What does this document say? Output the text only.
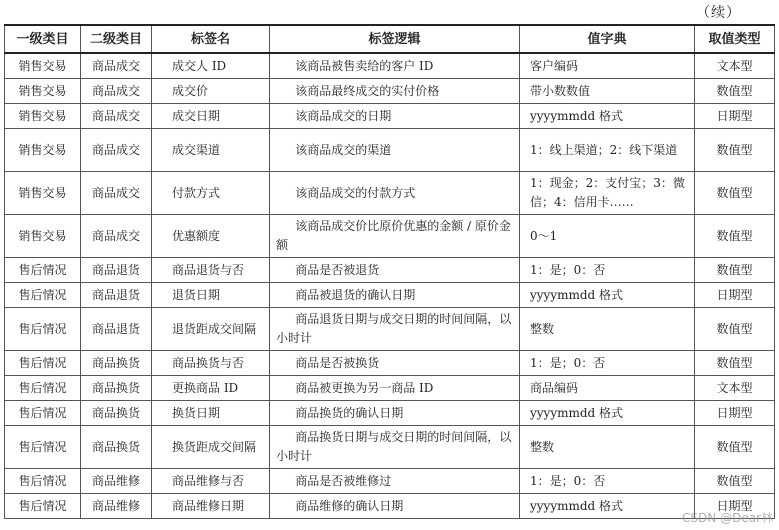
（续）
一级类目	二级类目	标签名	标签逻辑	值字典	取值类型
销售交易	商品成交	成交人 ID	该商品被售卖给的客户 ID	客户编码	文本型
销售交易	商品成交	成交价	该商品最终成交的实付价格	带小数数值	数值型
销售交易	商品成交	成交日期	该商品成交的日期	yyyymmdd 格式	日期型
销售交易	商品成交	成交渠道	该商品成交的渠道	1：线上渠道；2：线下渠道	数值型
销售交易	商品成交	付款方式	该商品成交的付款方式	1：现金；2：支付宝；3：微信；4：信用卡……	数值型
销售交易	商品成交	优惠额度	该商品成交价比原价优惠的金额 / 原价金额	0～1	数值型
售后情况	商品退货	商品退货与否	商品是否被退货	1：是；0：否	数值型
售后情况	商品退货	退货日期	商品被退货的确认日期	yyyymmdd 格式	日期型
售后情况	商品退货	退货距成交间隔	商品退货日期与成交日期的时间间隔，以小时计	整数	数值型
售后情况	商品换货	商品换货与否	商品是否被换货	1：是；0：否	数值型
售后情况	商品换货	更换商品 ID	商品被更换为另一商品 ID	商品编码	文本型
售后情况	商品换货	换货日期	商品换货的确认日期	yyyymmdd 格式	日期型
售后情况	商品换货	换货距成交间隔	商品换货日期与成交日期的时间间隔，以小时计	整数	数值型
售后情况	商品维修	商品维修与否	商品是否被维修过	1：是；0：否	数值型
售后情况	商品维修	商品维修日期	商品维修的确认日期	yyyymmdd 格式	日期型
CSDN @Dear林
